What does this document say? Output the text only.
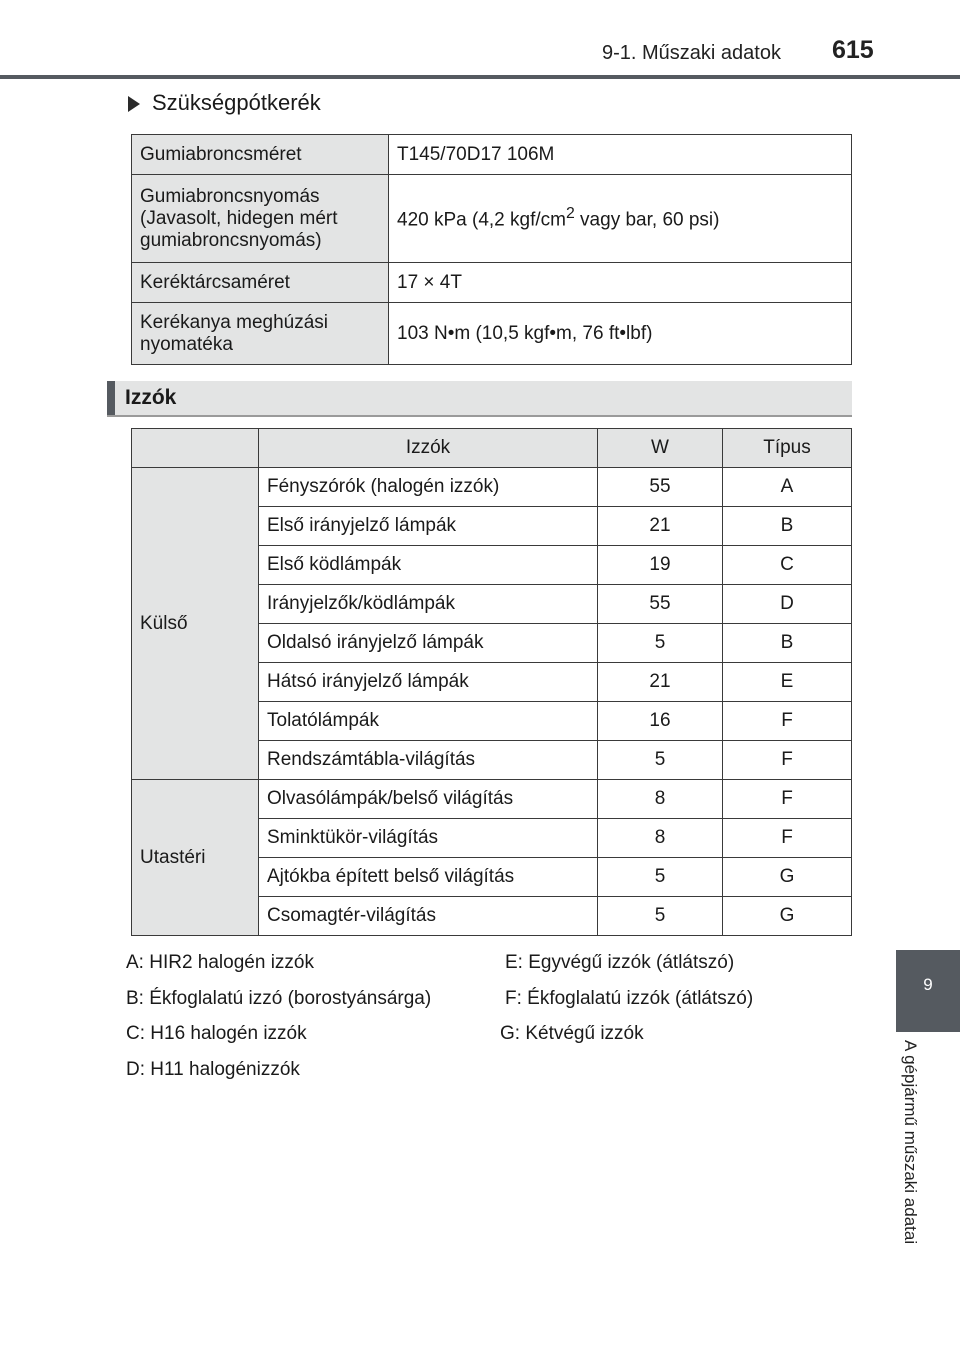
9-1. Műszaki adatok 615
Szükségpótkerék
Gumiabroncsméret	T145/70D17 106M

Gumiabroncsnyomás
(Javasolt, hidegen mért
gumiabroncsnyomás)	420 kPa (4,2 kgf/$cm^2$ vagy bar, 60 psi)
Keréktárcsaméret	17 × 4T

Kerékanya meghúzási
nyomatéka	103 N•m (10,5 kgf•m, 76 ft•lbf)
Izzók
	Izzók	W	Típus
Külső	Fényszórók (halogén izzók)	55	A
	Első irányjelző lámpák	21	B
	Első ködlámpák	19	C
	Irányjelzők/ködlámpák	55	D
	Oldalsó irányjelző lámpák	5	B
	Hátsó irányjelző lámpák	21	E
	Tolatólámpák	16	F
	Rendszámtábla-világítás	5	F
Utastéri	Olvasólámpák/belső világítás	8	F
	Sminktükör-világítás	8	F
	Ajtókba épített belső világítás	5	G
	Csomagtér-világítás	5	G
A: HIR2 halogén izzók
B: Ékfoglalatú izzó (borostyánsárga)
C: H16 halogén izzók
D: H11 halogénizzók
E: Egyvégű izzók (átlátszó)
F: Ékfoglalatú izzók (átlátszó)
G: Kétvégű izzók
9
A gépjármű műszaki adatai
